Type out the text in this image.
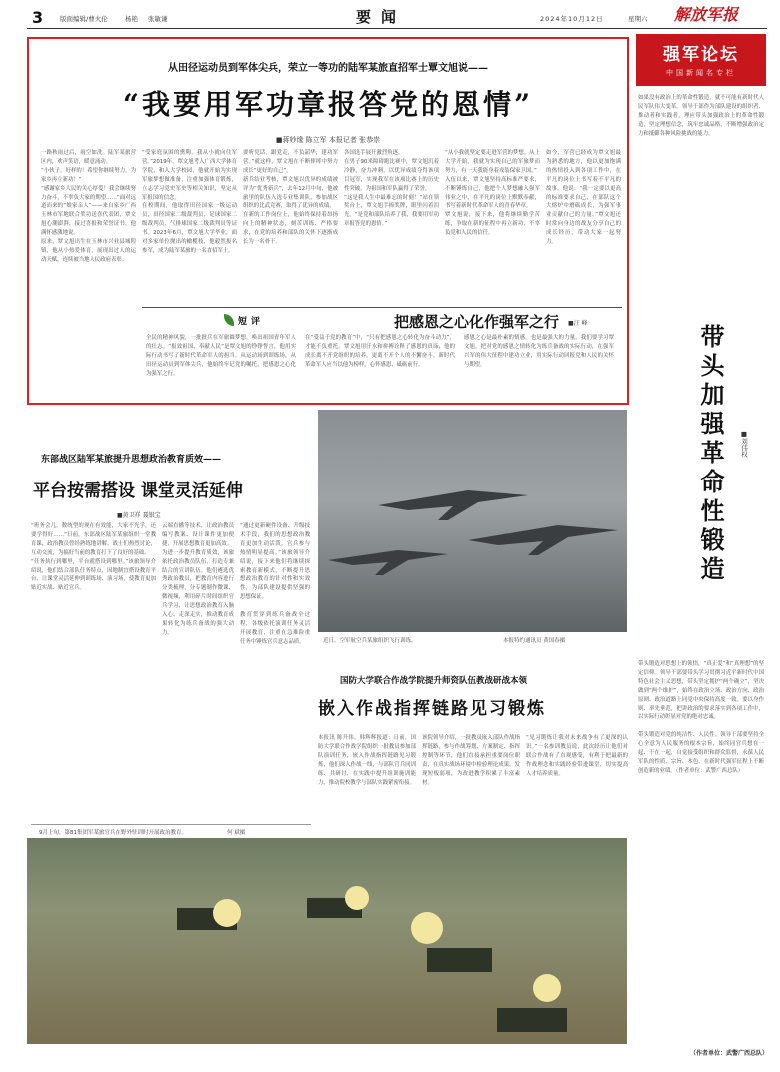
3	版面编辑/曹火伦	杨艳 张敏谦	要闻	2024年10月12日	星期六 解放军报
从田径运动员到军体尖兵，荣立一等功的陆军某旅直招军士覃文旭说——
“我要用军功章报答党的恩情”
■蒋妙缘 陈立军 本报记者 张恭崇
一路秋雨过后，雨空如洗。陆军某旅营区内，欢声笑语，暖意涌动。
“小伙子，好样的！希望你继续努力，为家乡再立新功！”
“感谢家乡人民的关心厚爱！我会继续努力奋斗，不辜负大家的期望……”面对远道而来的“娘家亲人”——来自家乡广西玉林市军地联合奖功送喜代表团，覃文旭心潮澎湃，接过喜报和荣誉证书，他满怀感激地说。
原来，覃文旭出生在玉林市兴业县城隍镇，他从小热爱体育，展现出过人的运动天赋，连续被当地人民政府表彰。
“受家庭氛围的熏陶，我从小就向往军营。”2019年，覃文旭考入广西大学体育学院，和入大学校园，他就开始为实现军旅梦想做准备，注重加强体育锻炼，立志学习党史军史等相关知识，坚定从军报国的信念。
在校期间，他取得田径国家一级运动员，田径国家二级裁判员，足球国家二级裁判员，气排球国家二级裁判员等证书。2023年6月，覃文旭大学毕业，面对多家单位抛出的橄榄枝，他毅然报名参军，成为陆军某旅的一名直招军士。
要听党话，跟党走，不负韶华，建功军营。”就这样，覃文旭在不断摔摔中努力成长“更好的自己”。
新兵结业考核，覃文旭以优异的成绩被评为“优秀新兵”，去年12月中旬，他被旅里的队伍入选专业集训队，参加战区组织的比武竞赛，取得了优异的成绩。
在新的工作岗位上，他始终保持着昂扬向上的精神状态，刻苦训练、严格要求，在党的培养和部队的关怀下逐渐成长为一名骨干。
各国选手展开激烈角逐。
在男子90米障碍跑比赛中，覃文旭沉着冷静，奋力冲刺，以优异成绩夺得该项目冠军，实现我军在该项比赛上的历史性突破，为祖国和军队赢得了荣誉。
“这是我人生中最难忘的时刻！”站在领奖台上，覃文旭手捧奖牌，眼里闪着泪光。“是党和部队培养了我，我要用军功章报答党的恩情。”
“从小我就坚定要走进军营的梦想。从上大学开始，我就为实现自己的军旅梦而努力，有一天我能身着戎装保家卫国。”
入伍以来，覃文旭坚持高标准严要求，不断锤炼自己，他把个人梦想融入强军伟业之中，在平凡的岗位上默默奉献，书写着新时代革命军人的青春华章。
覃文旭说，接下来，他将继续勤学苦练，争取在新的征程中再立新功，不辜负党和人民的信任。
如今，军营已经成为覃文旭最为熟悉的地方，他以更加饱满的热情投入到各项工作中，在平凡的岗位上书写着不平凡的故事。他说：“我一定要以更高的标准要求自己，在部队这个大熔炉中磨砺成长，为强军事业贡献自己的力量。”覃文旭还时常向身边的战友分享自己的成长经历，带动大家一起努力。
短评	把感恩之心化作强军之行 ■汪 峰
全民的精神风貌，一批批兵在军旅圆梦想，唤出祖国青年军人的壮志。“报效祖国、奉献人民”是覃文旭的铮铮誓言，他用实际行动书写了新时代革命军人的担当。从运动场到训练场，从田径运动员到军体尖兵，他始终牢记党的嘱托，把感恩之心化为强军之行。
在“受益于党的教育”中，“只有把感恩之心转化为奋斗动力”，才能不负重托。覃文旭用汗水和拼搏诠释了感恩的真谛，他的成长离不开党组织的培养，更离不开个人的不懈奋斗。新时代革命军人应当以他为榜样，心怀感恩、砥砺前行。
感恩之心是最朴素的情感，也是最强大的力量。我们要学习覃文旭，把对党的感恩之情转化为练兵备战的实际行动，在强军兴军的伟大征程中建功立业，用实际行动回报党和人民的关怀与期望。
强军论坛
中国新闻名专栏
如果没有政治上的革命性锻造，就不可能有新时代人民军队伟大变革。领导干部作为部队建设的组织者、推动者和实践者，理应带头加强政治上的革命性锻造，坚定理想信念，筑牢忠诚品格，不断增强政治定力和抵御各种风险挑战的能力。
带头加强革命性锻造	■刘伟权
带头锻造对思想上的领悟，“真正爱”和“真理想”的坚定信仰。领导干部要带头学习贯彻习近平新时代中国特色社会主义思想，带头坚定拥护“两个确立”，坚决做到“两个维护”，始终在政治立场、政治方向、政治原则、政治道路上同党中央保持高度一致。要以身作则、率先垂范，把讲政治的要求落实到各项工作中，以实际行动彰显对党的绝对忠诚。

带头锻造对党的纯洁性、人民性。领导干部要坚持全心全意为人民服务的根本宗旨，始终同官兵想在一起、干在一起，自觉接受组织和群众监督，永葆人民军队的性质、宗旨、本色，在新时代强军征程上不断创造新的业绩。（作者单位：武警广西总队）
东部战区陆军某旅提升思想政治教育质效——
平台按需搭设 课堂灵活延伸
■黄卫祥 聂银宝
“班务会几，数统型的现在有效能，大家不光学，还要学得好……”日前，东部战区陆军某旅组织一堂教育课，政治教员曾经熟练地讲解，战士们热烈讨论，互动交流，为搞好当前的教育打下了良好的基础。
“任务执行到哪里，平台就搭设到哪里。”该旅领导介绍说，他们结合部队任务特点，因地制宜搭设教育平台，让课堂灵活延伸到训练场、演习场，使教育更加贴近实战、贴近官兵。
云端直播等技术，让政治教员编写教案、设计课件更加便捷，开展思想教育更加高效。
为进一步提升教育质效，该旅依托政治教员队伍，打造专兼结合的宣讲队伍。他们遴选优秀政治教员，把教育内容进行分类梳理，分专题制作微课、微视频，利用碎片时间组织官兵学习，让思想政治教育入脑入心、走深走实，推动教育成果转化为练兵备战的强大动力。
“通过更新硬件设备、升级技术手段，我们的思想政治教育更加生动活泼，官兵参与热情明显提高。”该旅领导介绍说，接下来他们将继续探索教育新模式，不断提升思想政治教育的针对性和实效性，为部队建设提供坚强的思想保证。

教育贯穿到练兵备战全过程，各级依托演训任务灵活开展教育，注重在急难险重任务中锤炼官兵意志品质。	近日，空军航空兵某旅组织飞行训练。	本报特约通讯员 黄国春摄
9月上旬，第81集团军某旅官兵在野外驻训时开展政治教育。	何 斌摄
国防大学联合作战学院提升师资队伍教战研战本领
嵌入作战指挥链路见习锻炼
本报讯 陈升伟、韩辉辉报道：日前，国防大学联合作战学院组织一批教员参加部队演训任务，嵌入作战指挥链路见习锻炼，他们深入作战一线，与部队官兵同训练、共研讨，在实践中提升组训施训能力，推动院校教学与部队实践紧密衔接。
该院领导介绍，一批教员嵌入部队作战指挥链路，参与作战筹划、方案制定、指挥控制等环节，他们直接承担重要岗位职责，在真实战场环境中检验理论成果，发现短板弱项，为改进教学积累了丰富素材。
“见习锻炼让我对未来战争有了更深的认识。”一名参训教员说，此次经历让他们对联合作战有了直观感受，有利于把最新的作战理念和实践经验带进课堂，切实提高人才培养质量。
（作者单位：武警广西总队）
